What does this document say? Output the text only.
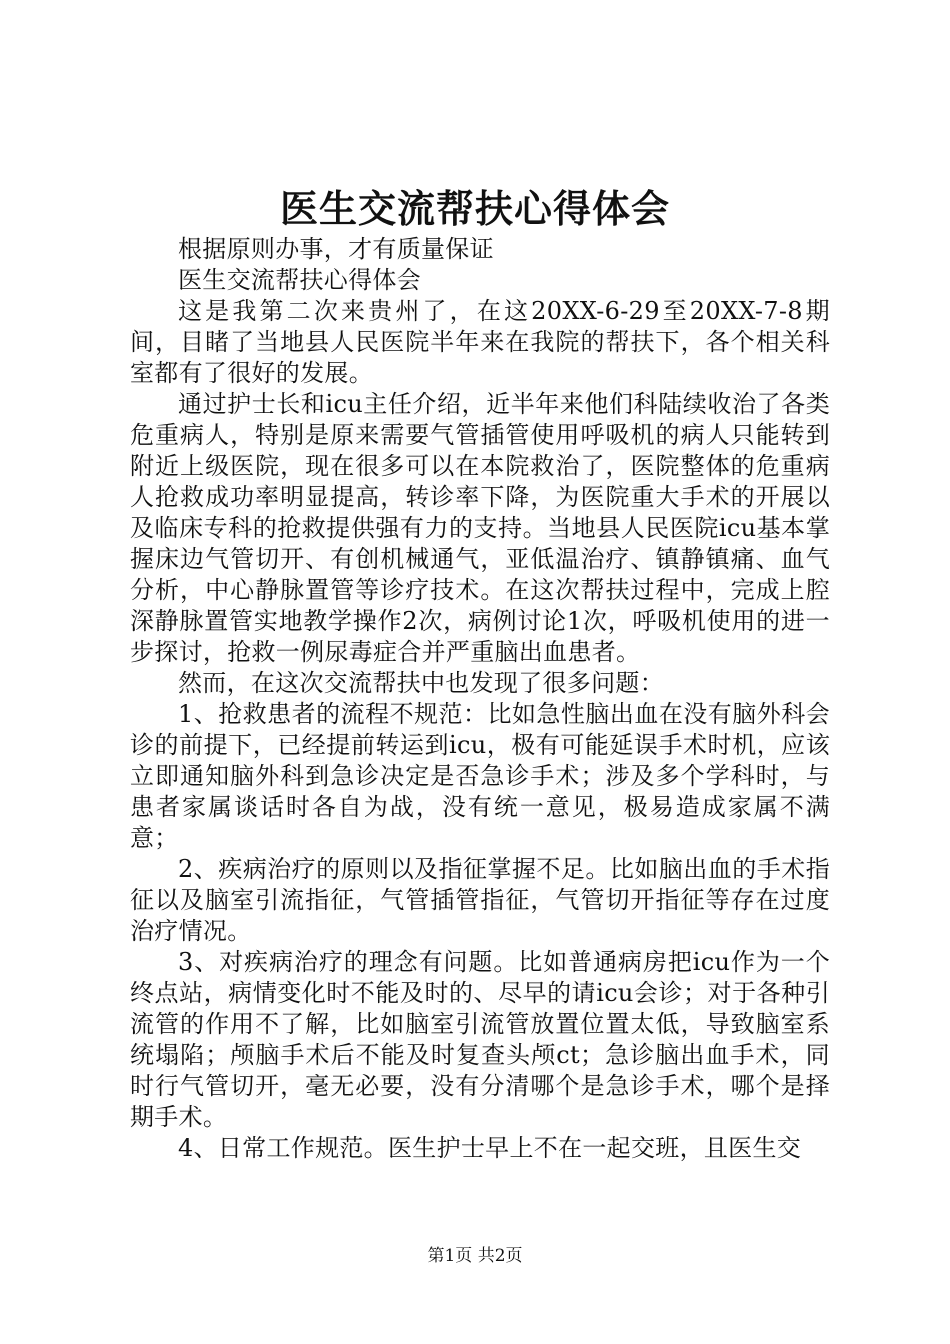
医生交流帮扶心得体会

根据原则办事，才有质量保证

医生交流帮扶心得体会

这是我第二次来贵州了，在这20XX-6-29至20XX-7-8期间，目睹了当地县人民医院半年来在我院的帮扶下，各个相关科室都有了很好的发展。

通过护士长和icu主任介绍，近半年来他们科陆续收治了各类危重病人，特别是原来需要气管插管使用呼吸机的病人只能转到附近上级医院，现在很多可以在本院救治了，医院整体的危重病人抢救成功率明显提高，转诊率下降，为医院重大手术的开展以及临床专科的抢救提供强有力的支持。当地县人民医院icu基本掌握床边气管切开、有创机械通气，亚低温治疗、镇静镇痛、血气分析，中心静脉置管等诊疗技术。在这次帮扶过程中，完成上腔深静脉置管实地教学操作2次，病例讨论1次，呼吸机使用的进一步探讨，抢救一例尿毒症合并严重脑出血患者。

然而，在这次交流帮扶中也发现了很多问题：

1、抢救患者的流程不规范：比如急性脑出血在没有脑外科会诊的前提下，已经提前转运到icu，极有可能延误手术时机，应该立即通知脑外科到急诊决定是否急诊手术；涉及多个学科时，与患者家属谈话时各自为战，没有统一意见，极易造成家属不满意；

2、疾病治疗的原则以及指征掌握不足。比如脑出血的手术指征以及脑室引流指征，气管插管指征，气管切开指征等存在过度治疗情况。

3、对疾病治疗的理念有问题。比如普通病房把icu作为一个终点站，病情变化时不能及时的、尽早的请icu会诊；对于各种引流管的作用不了解，比如脑室引流管放置位置太低，导致脑室系统塌陷；颅脑手术后不能及时复查头颅ct；急诊脑出血手术，同时行气管切开，毫无必要，没有分清哪个是急诊手术，哪个是择期手术。

4、日常工作规范。医生护士早上不在一起交班，且医生交

第1页 共2页
